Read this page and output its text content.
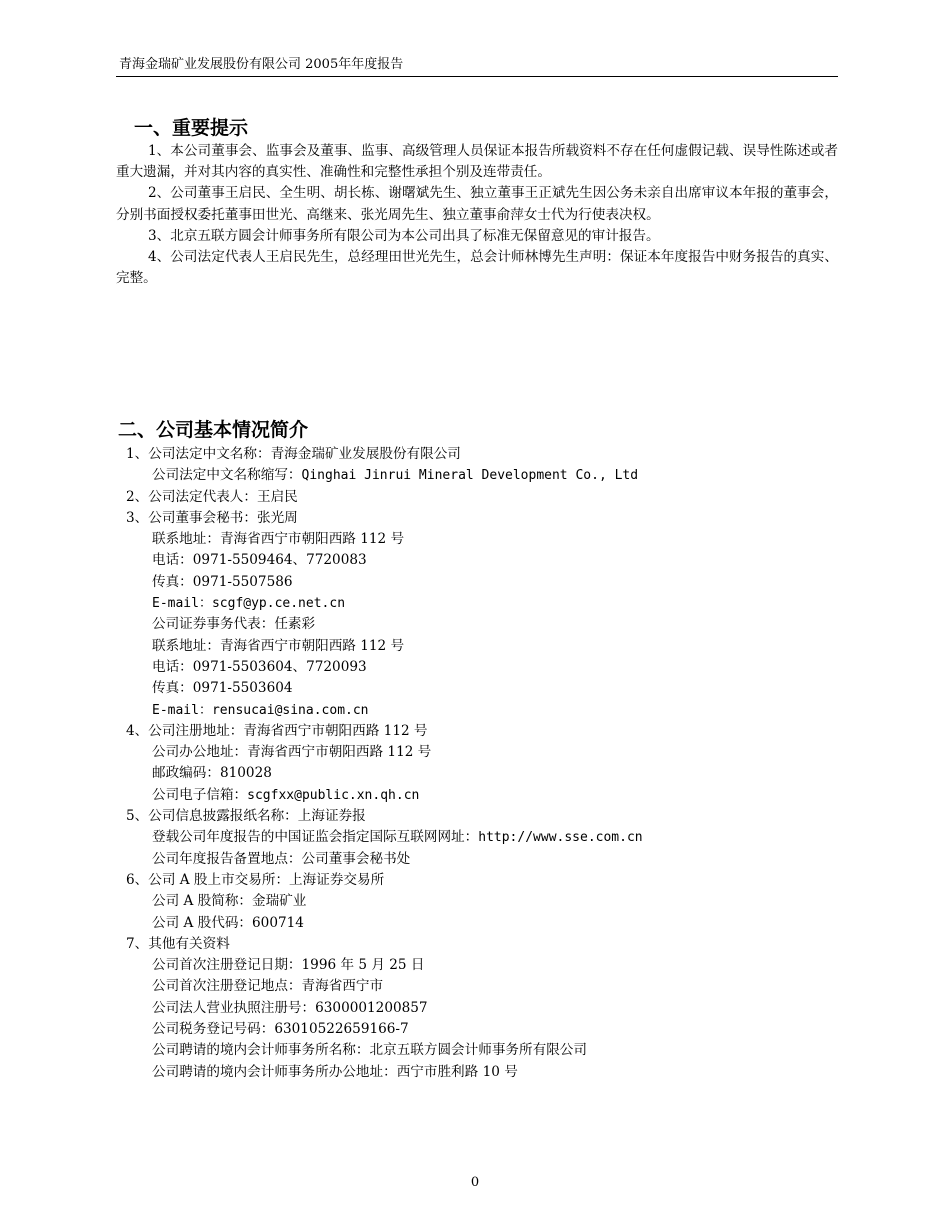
青海金瑞矿业发展股份有限公司 2005年年度报告
一、重要提示

1、本公司董事会、监事会及董事、监事、高级管理人员保证本报告所载资料不存在任何虚假记载、误导性陈述或者重大遗漏，并对其内容的真实性、准确性和完整性承担个别及连带责任。

2、公司董事王启民、全生明、胡长栋、谢曙斌先生、独立董事王正斌先生因公务未亲自出席审议本年报的董事会，分别书面授权委托董事田世光、高继来、张光周先生、独立董事俞萍女士代为行使表决权。

3、北京五联方圆会计师事务所有限公司为本公司出具了标准无保留意见的审计报告。

4、公司法定代表人王启民先生，总经理田世光先生，总会计师林博先生声明：保证本年度报告中财务报告的真实、完整。

二、公司基本情况简介
1、公司法定中文名称：青海金瑞矿业发展股份有限公司
公司法定中文名称缩写：Qinghai Jinrui Mineral Development Co., Ltd
2、公司法定代表人：王启民
3、公司董事会秘书：张光周
联系地址：青海省西宁市朝阳西路 112 号
电话：0971-5509464、7720083
传真：0971-5507586
E-mail：scgf@yp.ce.net.cn
公司证券事务代表：任素彩
联系地址：青海省西宁市朝阳西路 112 号
电话：0971-5503604、7720093
传真：0971-5503604
E-mail：rensucai@sina.com.cn
4、公司注册地址：青海省西宁市朝阳西路 112 号
公司办公地址：青海省西宁市朝阳西路 112 号
邮政编码：810028
公司电子信箱：scgfxx@public.xn.qh.cn
5、公司信息披露报纸名称：上海证券报
登载公司年度报告的中国证监会指定国际互联网网址：http://www.sse.com.cn
公司年度报告备置地点：公司董事会秘书处
6、公司 A 股上市交易所：上海证券交易所
公司 A 股简称：金瑞矿业
公司 A 股代码：600714
7、其他有关资料
公司首次注册登记日期：1996 年 5 月 25 日
公司首次注册登记地点：青海省西宁市
公司法人营业执照注册号：6300001200857
公司税务登记号码：63010522659166-7
公司聘请的境内会计师事务所名称：北京五联方圆会计师事务所有限公司
公司聘请的境内会计师事务所办公地址：西宁市胜利路 10 号
0
